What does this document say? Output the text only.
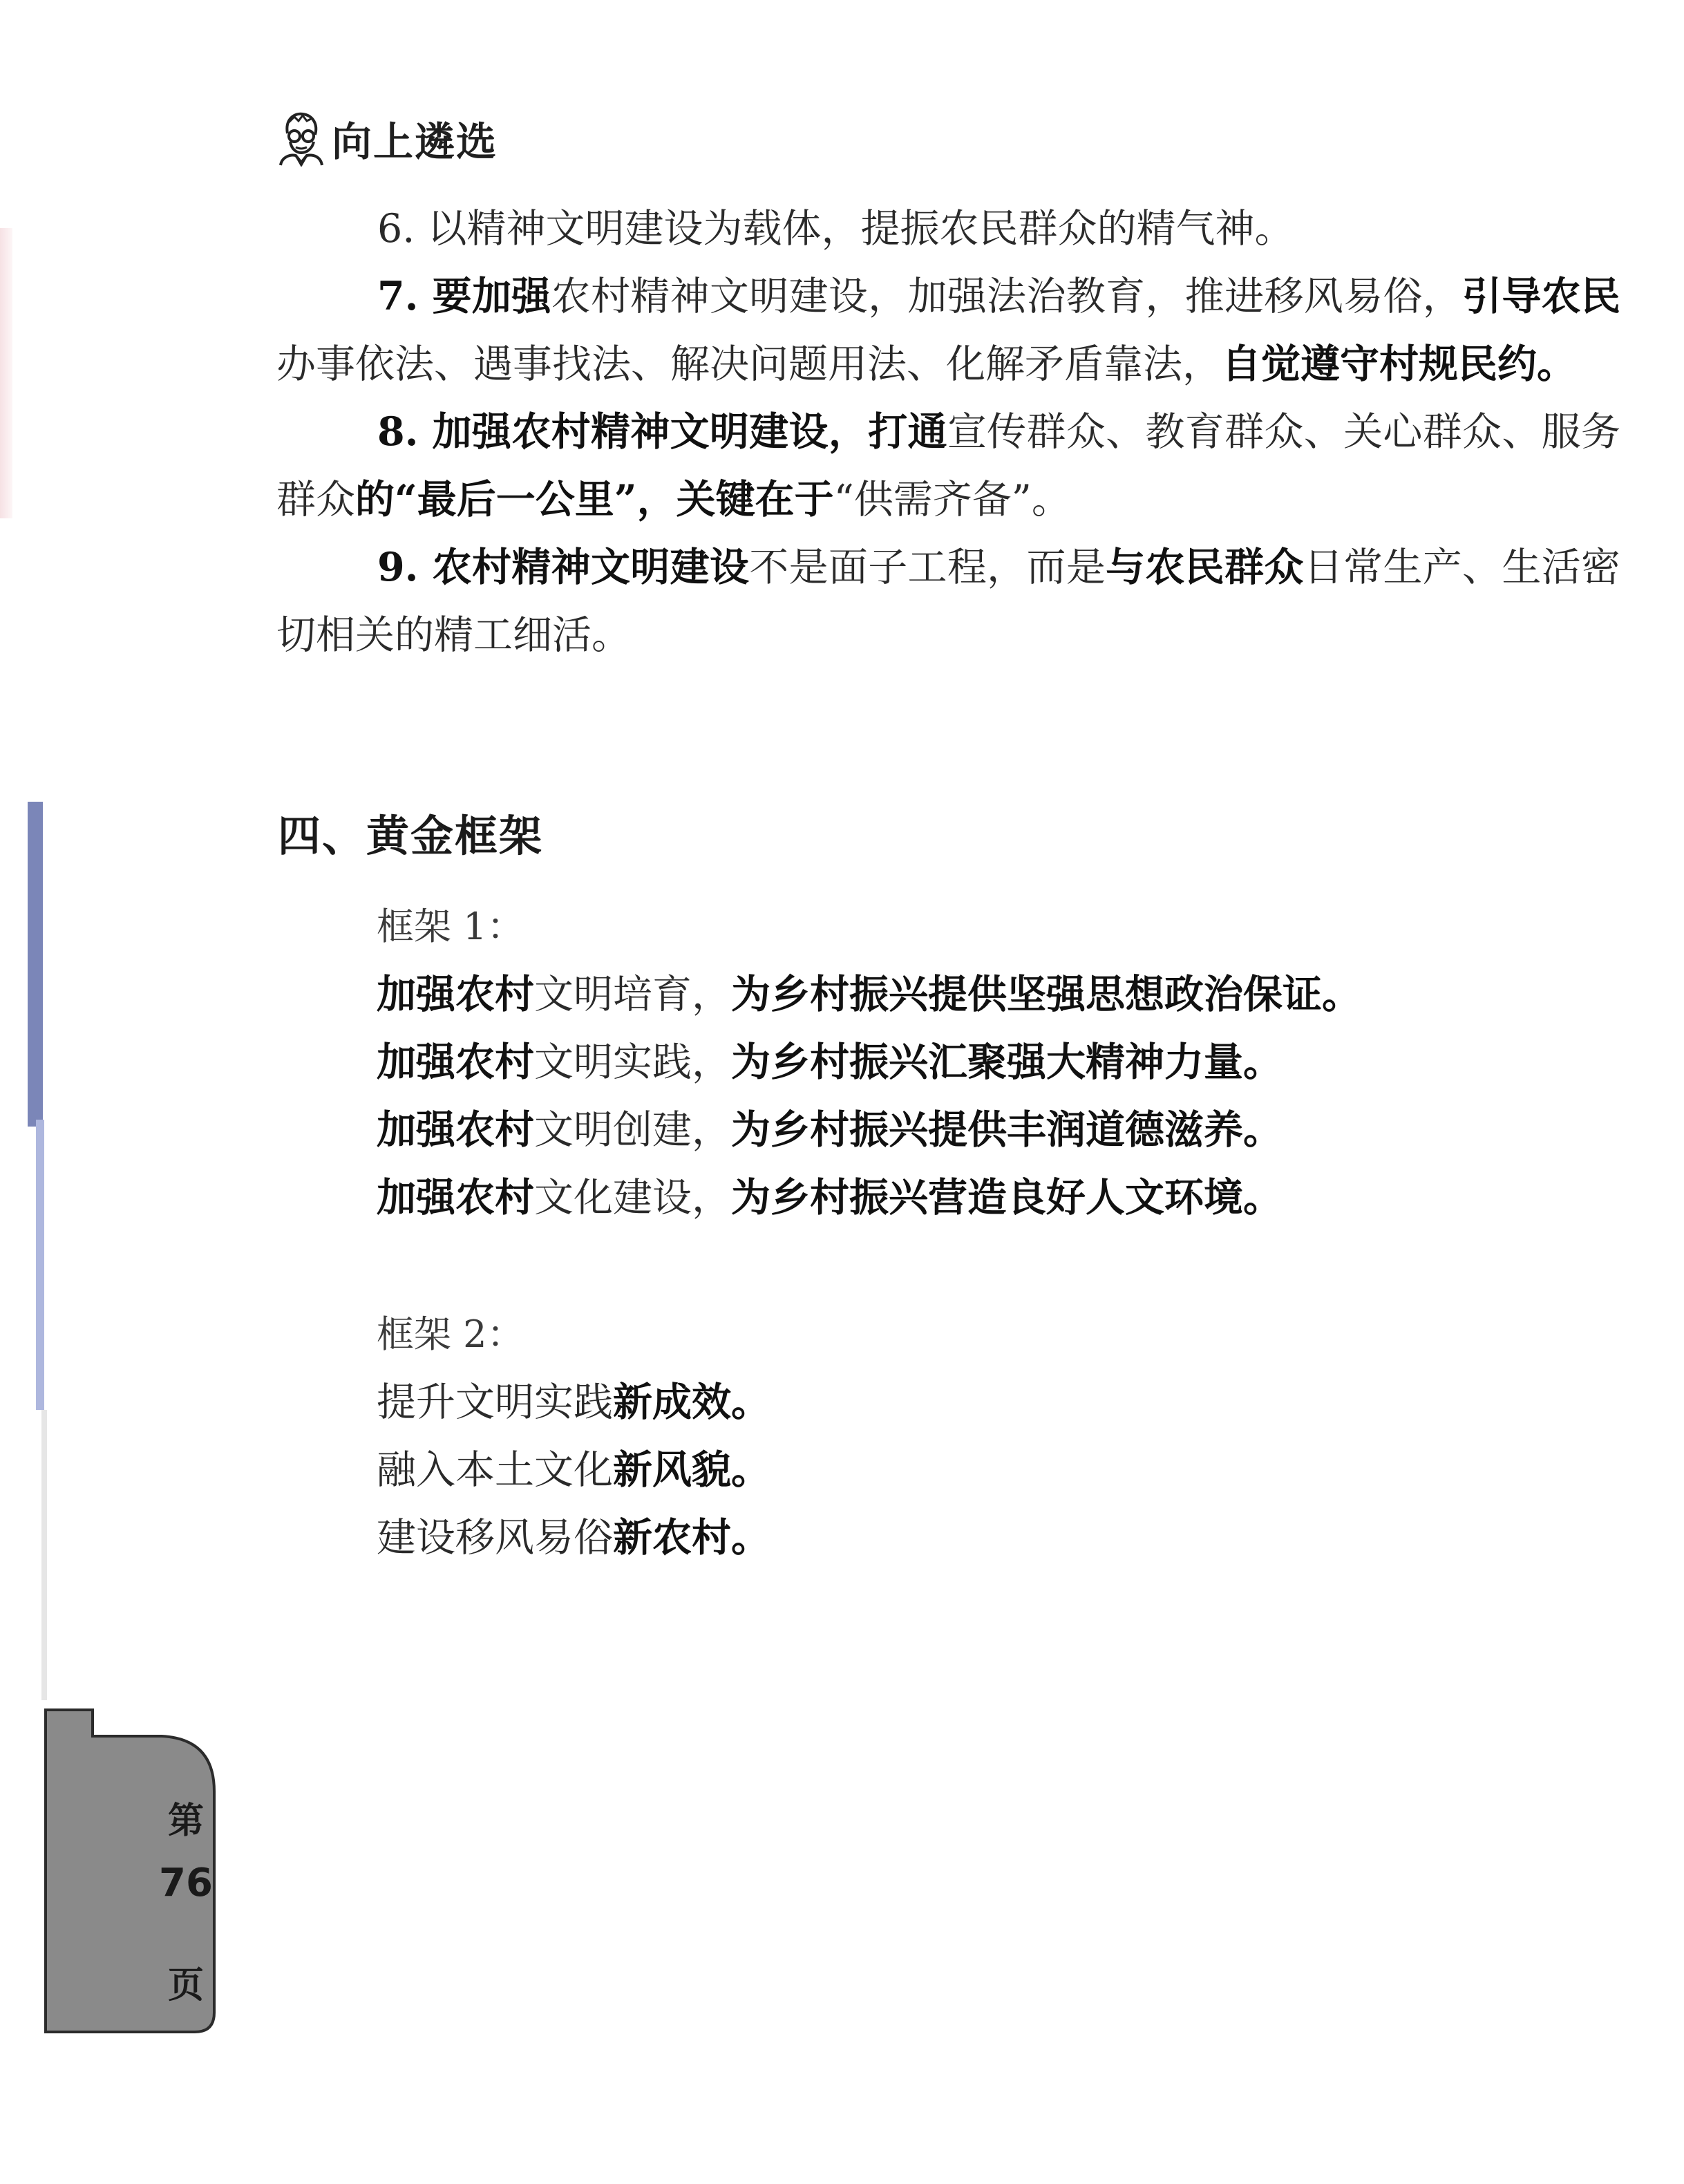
向上遴选

6. 以精神文明建设为载体，提振农民群众的精气神。

7. 要加强农村精神文明建设，加强法治教育，推进移风易俗，引导农民办事依法、遇事找法、解决问题用法、化解矛盾靠法，自觉遵守村规民约。

8. 加强农村精神文明建设，打通宣传群众、教育群众、关心群众、服务群众的“最后一公里”，关键在于“供需齐备”。

9. 农村精神文明建设不是面子工程，而是与农民群众日常生产、生活密切相关的精工细活。

四、黄金框架
框架 1：
加强农村文明培育，为乡村振兴提供坚强思想政治保证。
加强农村文明实践，为乡村振兴汇聚强大精神力量。
加强农村文明创建，为乡村振兴提供丰润道德滋养。
加强农村文化建设，为乡村振兴营造良好人文环境。
框架 2：
提升文明实践新成效。
融入本土文化新风貌。
建设移风易俗新农村。
第
76
页
